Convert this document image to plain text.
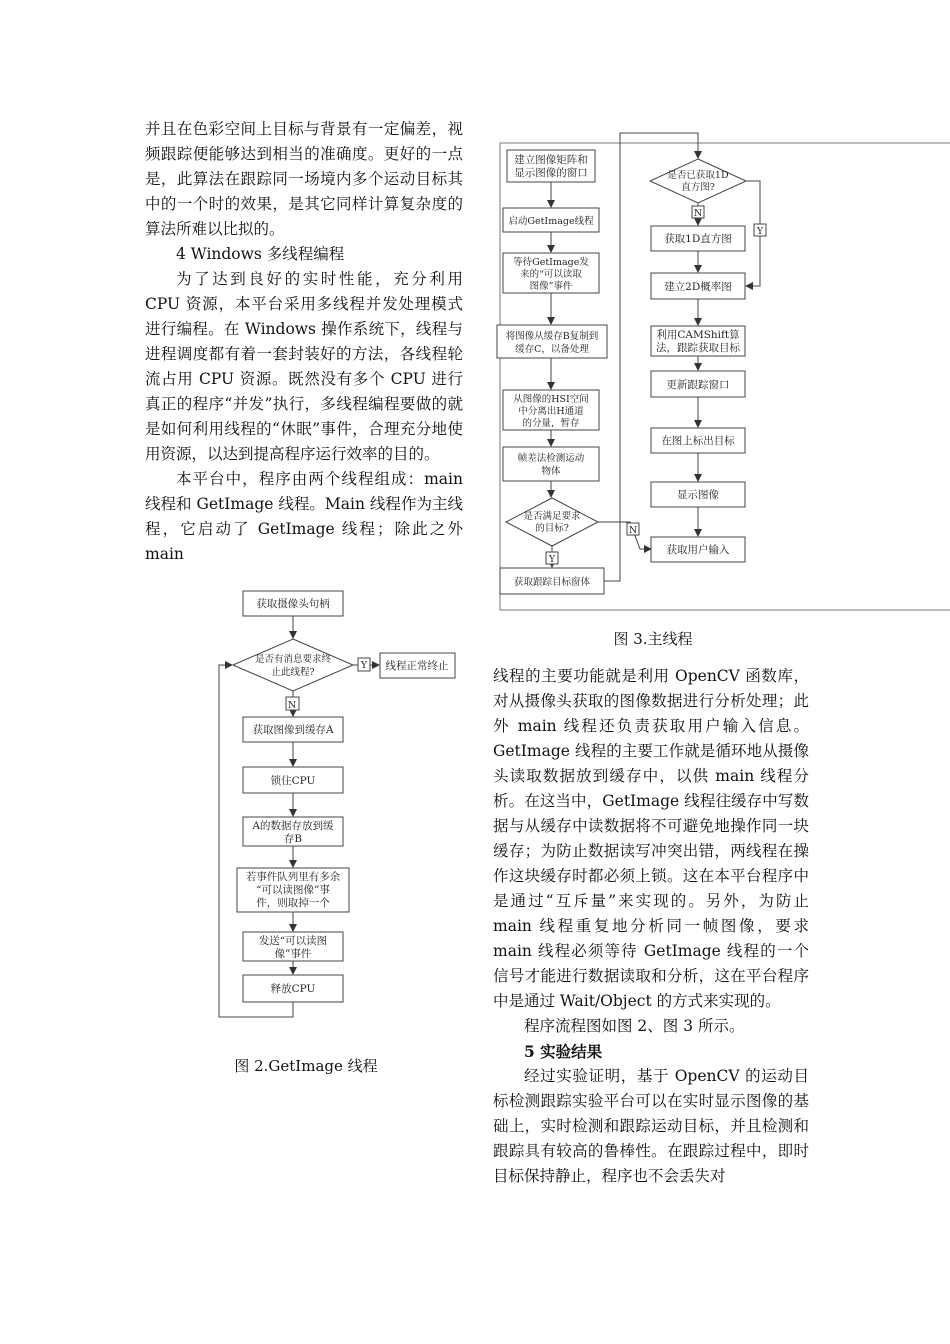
并且在色彩空间上目标与背景有一定偏差，视频跟踪便能够达到相当的准确度。更好的一点是，此算法在跟踪同一场境内多个运动目标其中的一个时的效果，是其它同样计算复杂度的算法所难以比拟的。

4 Windows 多线程编程

为了达到良好的实时性能，充分利用 CPU 资源，本平台采用多线程并发处理模式进行编程。在 Windows 操作系统下，线程与进程调度都有着一套封装好的方法，各线程轮流占用 CPU 资源。既然没有多个 CPU 进行真正的程序“并发”执行，多线程编程要做的就是如何利用线程的“休眠”事件，合理充分地使用资源，以达到提高程序运行效率的目的。

本平台中，程序由两个线程组成：main 线程和 GetImage 线程。Main 线程作为主线程，它启动了 GetImage 线程；除此之外 main

线程的主要功能就是利用 OpenCV 函数库，对从摄像头获取的图像数据进行分析处理；此外 main 线程还负责获取用户输入信息。GetImage 线程的主要工作就是循环地从摄像头读取数据放到缓存中，以供 main 线程分析。在这当中，GetImage 线程往缓存中写数据与从缓存中读数据将不可避免地操作同一块缓存；为防止数据读写冲突出错，两线程在操作这块缓存时都必须上锁。这在本平台程序中是通过“互斥量”来实现的。另外，为防止 main 线程重复地分析同一帧图像，要求 main 线程必须等待 GetImage 线程的一个信号才能进行数据读取和分析，这在平台程序中是通过 Wait/Object 的方式来实现的。

程序流程图如图 2、图 3 所示。

5 实验结果

经过实验证明，基于 OpenCV 的运动目标检测跟踪实验平台可以在实时显示图像的基础上，实时检测和跟踪运动目标，并且检测和跟踪具有较高的鲁棒性。在跟踪过程中，即时目标保持静止，程序也不会丢失对

获取摄像头句柄
是否有消息要求终
止此线程?
Y
N
线程正常终止
获取图像到缓存A
锁住CPU
A的数据存放到缓
存B
若事件队列里有多余
“可以读图像”事
件，则取掉一个
发送“可以读图
像”事件
释放CPU
建立图像矩阵和
显示图像的窗口
启动GetImage线程
等待GetImage发
来的“可以读取
图像”事件
将图像从缓存B复制到
缓存C，以备处理
从图像的HSI空间
中分离出H通道
的分量，暂存
帧差法检测运动
物体
是否满足要求
的目标?
Y
N
获取跟踪目标窗体
是否已获取1D
直方图?
N
Y
获取1D直方图
建立2D概率图
利用CAMShift算
法，跟踪获取目标
更新跟踪窗口
在图上标出目标
显示图像
获取用户输入
图 3.主线程
图 2.GetImage 线程
